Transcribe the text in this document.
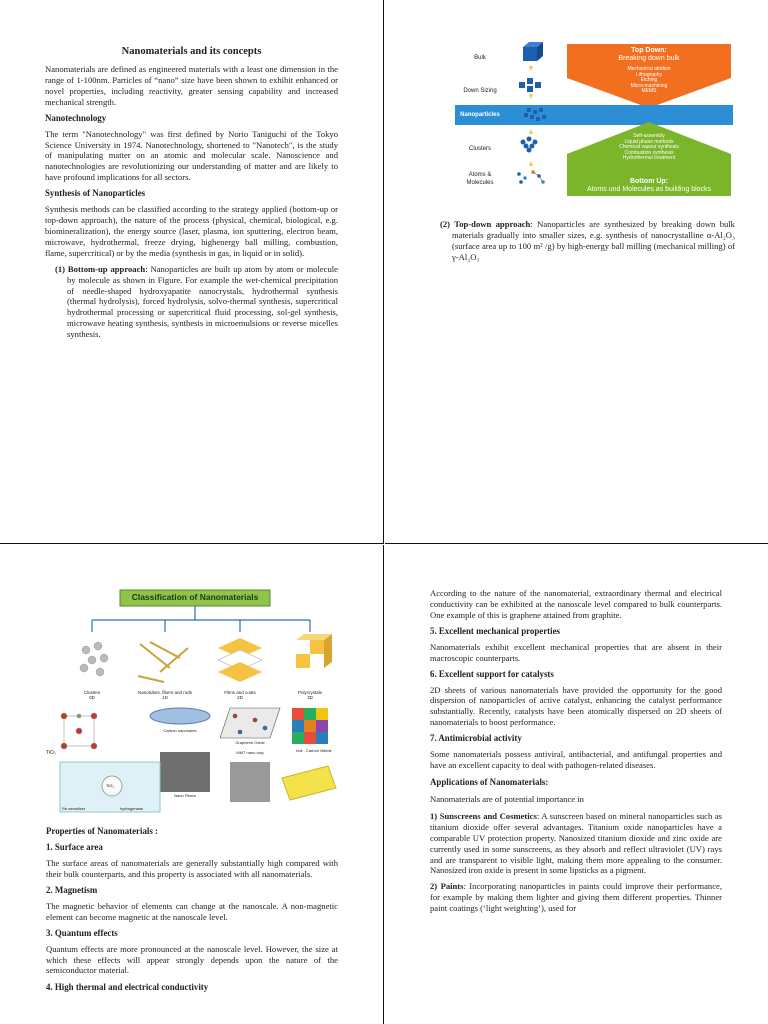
Nanomaterials and its concepts

Nanomaterials are defined as engineered materials with a least one dimension in the range of 1-100nm. Particles of “nano” size have been shown to exhibit enhanced or novel properties, including reactivity, greater sensing capability and increased mechanical strength.

Nanotechnology

The term "Nanotechnology" was first defined by Norio Taniguchi of the Tokyo Science University in 1974. Nanotechnology, shortened to "Nanotech", is the study of manipulating matter on an atomic and molecular scale. Nanoscience and nanotechnologies are revolutionizing our understanding of matter and are likely to have profound implications for all sectors.

Synthesis of Nanoparticles

Synthesis methods can be classified according to the strategy applied (bottom-up or top-down approach), the nature of the process (physical, chemical, biological, e.g. biomineralization), the energy source (laser, plasma, ion sputtering, electron beam, microwave, hydrothermal, freeze drying, highenergy ball milling, combustion, flame, supercritical) or by the media (synthesis in gas, in liquid or in solid).

(1) Bottom-up approach: Nanoparticles are built up atom by atom or molecule by molecule as shown in Figure. For example the wet-chemical precipitation of needle-shaped hydroxyapatite nanocrystals, hydrothermal synthesis (thermal hydrolysis), forced hydrolysis, solvo-thermal synthesis, supercritical hydrothermal processing or supercritical fluid processing, sol-gel synthesis, microwave heating synthesis, synthesis in microemulsions or reverse micelles synthesis.

Bulk
Down Sizing
Nanoparticles
Clusters
Atoms &
Molecules
Top Down:
Breaking down bulk
Mechanical attrition
Lithography
Etching
Micro-machining
MEMS
Self-assembly
Liquid phase methods
Chemical vapour synthesis
Combustion synthesis
Hydrothermal treatment
Bottom Up:
Atoms und Molecules as building blocks

(2) Top-down approach: Nanoparticles are synthesized by breaking down bulk materials gradually into smaller sizes, e.g. synthesis of nanocrystalline α-Al₂O₃ (surface area up to 100 m² /g) by high-energy ball milling (mechanical milling) of γ-Al₂O₃

Classification of Nanomaterials
Clusters
0D
Nanotubes, fibers and rods
1D
Films and coats
2D
Polycrystals
3D
Carbon nanotubes
Graphene Oxide
boli - Carbon Nitride
TiO₂
Nano Fibers
MMT nano clay
Re-sensitizer	hydrogenase
TiO₂

Properties of Nanomaterials :

1. Surface area

The surface areas of nanomaterials are generally substantially high compared with their bulk counterparts, and this property is associated with all nanomaterials.

2. Magnetism

The magnetic behavior of elements can change at the nanoscale. A non-magnetic element can become magnetic at the nanoscale level.

3. Quantum effects

Quantum effects are more pronounced at the nanoscale level. However, the size at which these effects will appear strongly depends upon the nature of the semiconductor material.

4. High thermal and electrical conductivity

According to the nature of the nanomaterial, extraordinary thermal and electrical conductivity can be exhibited at the nanoscale level compared to bulk counterparts. One example of this is graphene attained from graphite.

5. Excellent mechanical properties

Nanomaterials exhibit excellent mechanical properties that are absent in their macroscopic counterparts.

6. Excellent support for catalysts

2D sheets of various nanomaterials have provided the opportunity for the good dispersion of nanoparticles of active catalyst, enhancing the catalyst performance substantially. Recently, catalysts have been atomically dispersed on 2D sheets of nanomaterials to boost performance.

7. Antimicrobial activity

Some nanomaterials possess antiviral, antibacterial, and antifungal properties and have an excellent capacity to deal with pathogen-related diseases.

Applications of Nanomaterials:

Nanomaterials are of potential importance in

1) Sunscreens and Cosmetics: A sunscreen based on mineral nanoparticles such as titanium dioxide offer several advantages. Titanium oxide nanoparticles have a comparable UV protection property. Nanosized titanium dioxide and zinc oxide are currently used in some sunscreens, as they absorb and reflect ultraviolet (UV) rays and are transparent to visible light, making them more appealing to the consumer. Nanosized iron oxide is present in some lipsticks as a pigment.

2) Paints: Incorporating nanoparticles in paints could improve their performance, for example by making them lighter and giving them different properties. Thinner paint coatings (‘light weighting’), used for
